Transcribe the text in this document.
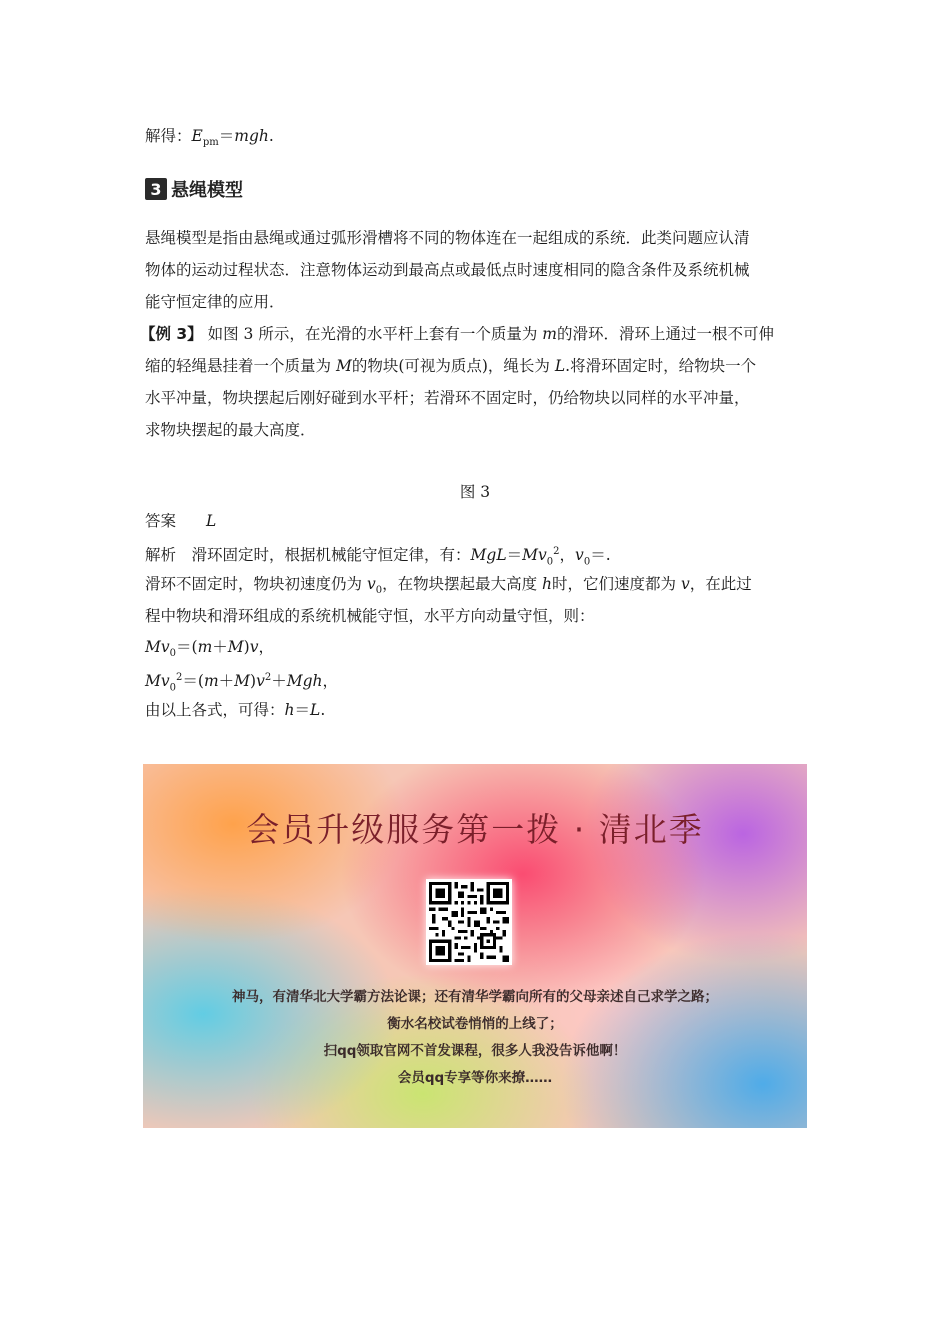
解得：$E_{pm}=mgh$.
3 悬绳模型
悬绳模型是指由悬绳或通过弧形滑槽将不同的物体连在一起组成的系统．此类问题应认清
物体的运动过程状态．注意物体运动到最高点或最低点时速度相同的隐含条件及系统机械
能守恒定律的应用．
【例 3】 如图 3 所示，在光滑的水平杆上套有一个质量为 m的滑环．滑环上通过一根不可伸
缩的轻绳悬挂着一个质量为 M的物块(可视为质点)，绳长为 L.将滑环固定时，给物块一个
水平冲量，物块摆起后刚好碰到水平杆；若滑环不固定时，仍给物块以同样的水平冲量，
求物块摆起的最大高度．
图 3
答案 L
解析　滑环固定时，根据机械能守恒定律，有：$MgL=Mv_0^2$，$v_0=$.
滑环不固定时，物块初速度仍为 $v_0$，在物块摆起最大高度 h时，它们速度都为 v，在此过
程中物块和滑环组成的系统机械能守恒，水平方向动量守恒，则：
$Mv_0=(m+M)v$，
$Mv_0^2=(m+M)v^2+Mgh$，
由以上各式，可得：h＝L.
会员升级服务第一拨 · 清北季
神马，有清华北大学霸方法论课；还有清华学霸向所有的父母亲述自己求学之路；
衡水名校试卷悄悄的上线了；
扫qq领取官网不首发课程，很多人我没告诉他啊！
会员qq专享等你来撩……
